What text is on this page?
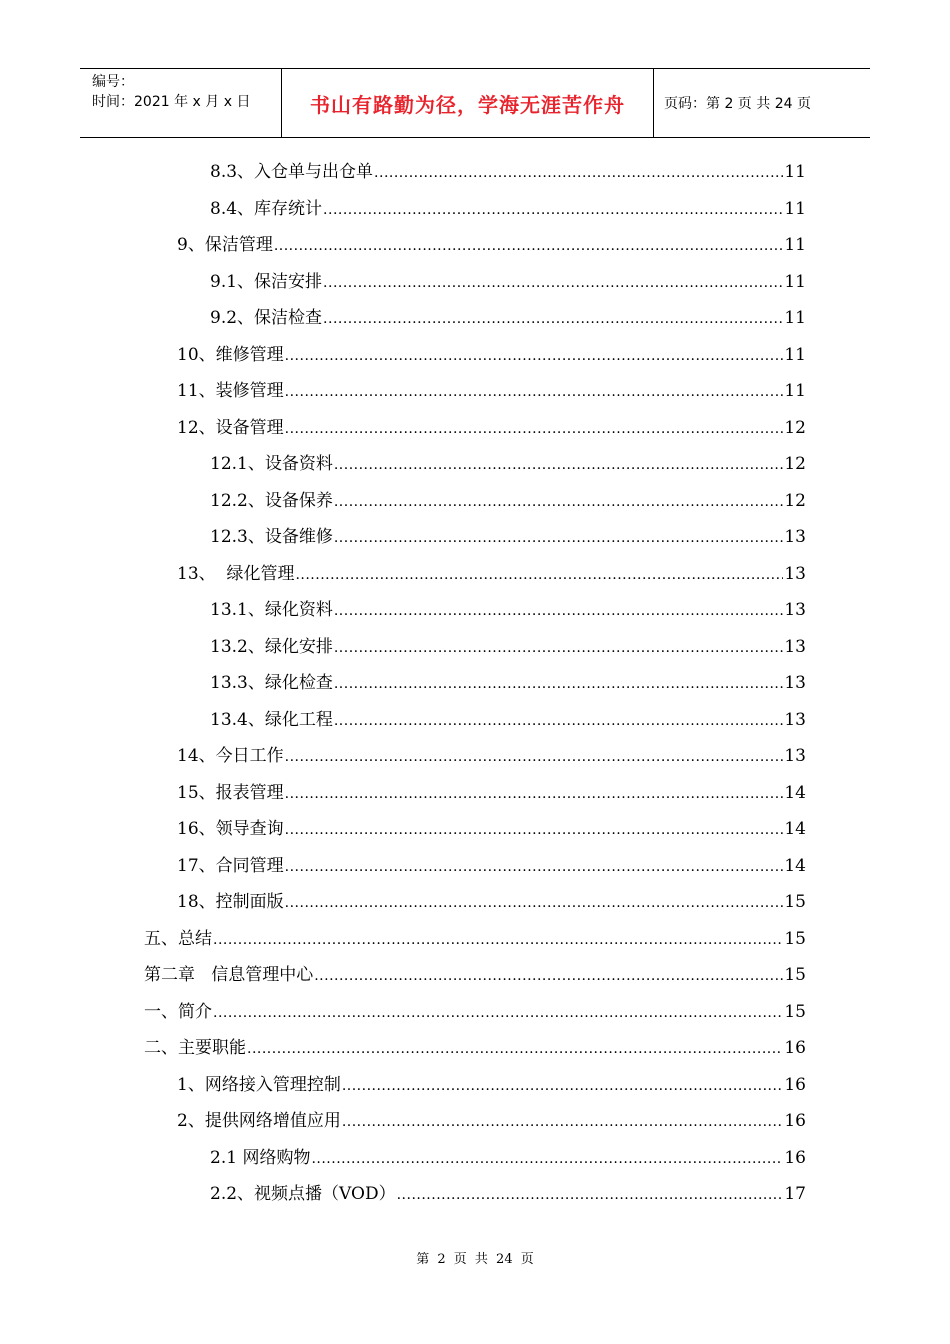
编号：
时间：2021 年 x 月 x 日	书山有路勤为径，学海无涯苦作舟	页码：第 2 页 共 24 页
8.3、入仓单与出仓单 .....	11
8.4、库存统计 .....	11
9、保洁管理 .....	11
9.1、保洁安排 .....	11
9.2、保洁检查 .....	11
10、维修管理 .....	11
11、装修管理 .....	11
12、设备管理 .....	12
12.1、设备资料 .....	12
12.2、设备保养 .....	12
12.3、设备维修 .....	13
13、  绿化管理 .....	13
13.1、绿化资料 .....	13
13.2、绿化安排 .....	13
13.3、绿化检查 .....	13
13.4、绿化工程 .....	13
14、今日工作 .....	13
15、报表管理 .....	14
16、领导查询 .....	14
17、合同管理 .....	14
18、控制面版 .....	15
五、总结 .....	15
第二章   信息管理中心 .....	15
一、简介 .....	15
二、主要职能 .....	16
1、网络接入管理控制 .....	16
2、提供网络增值应用 .....	16
2.1 网络购物 .....	16
2.2、视频点播（VOD） .....	17
第 2 页 共 24 页
